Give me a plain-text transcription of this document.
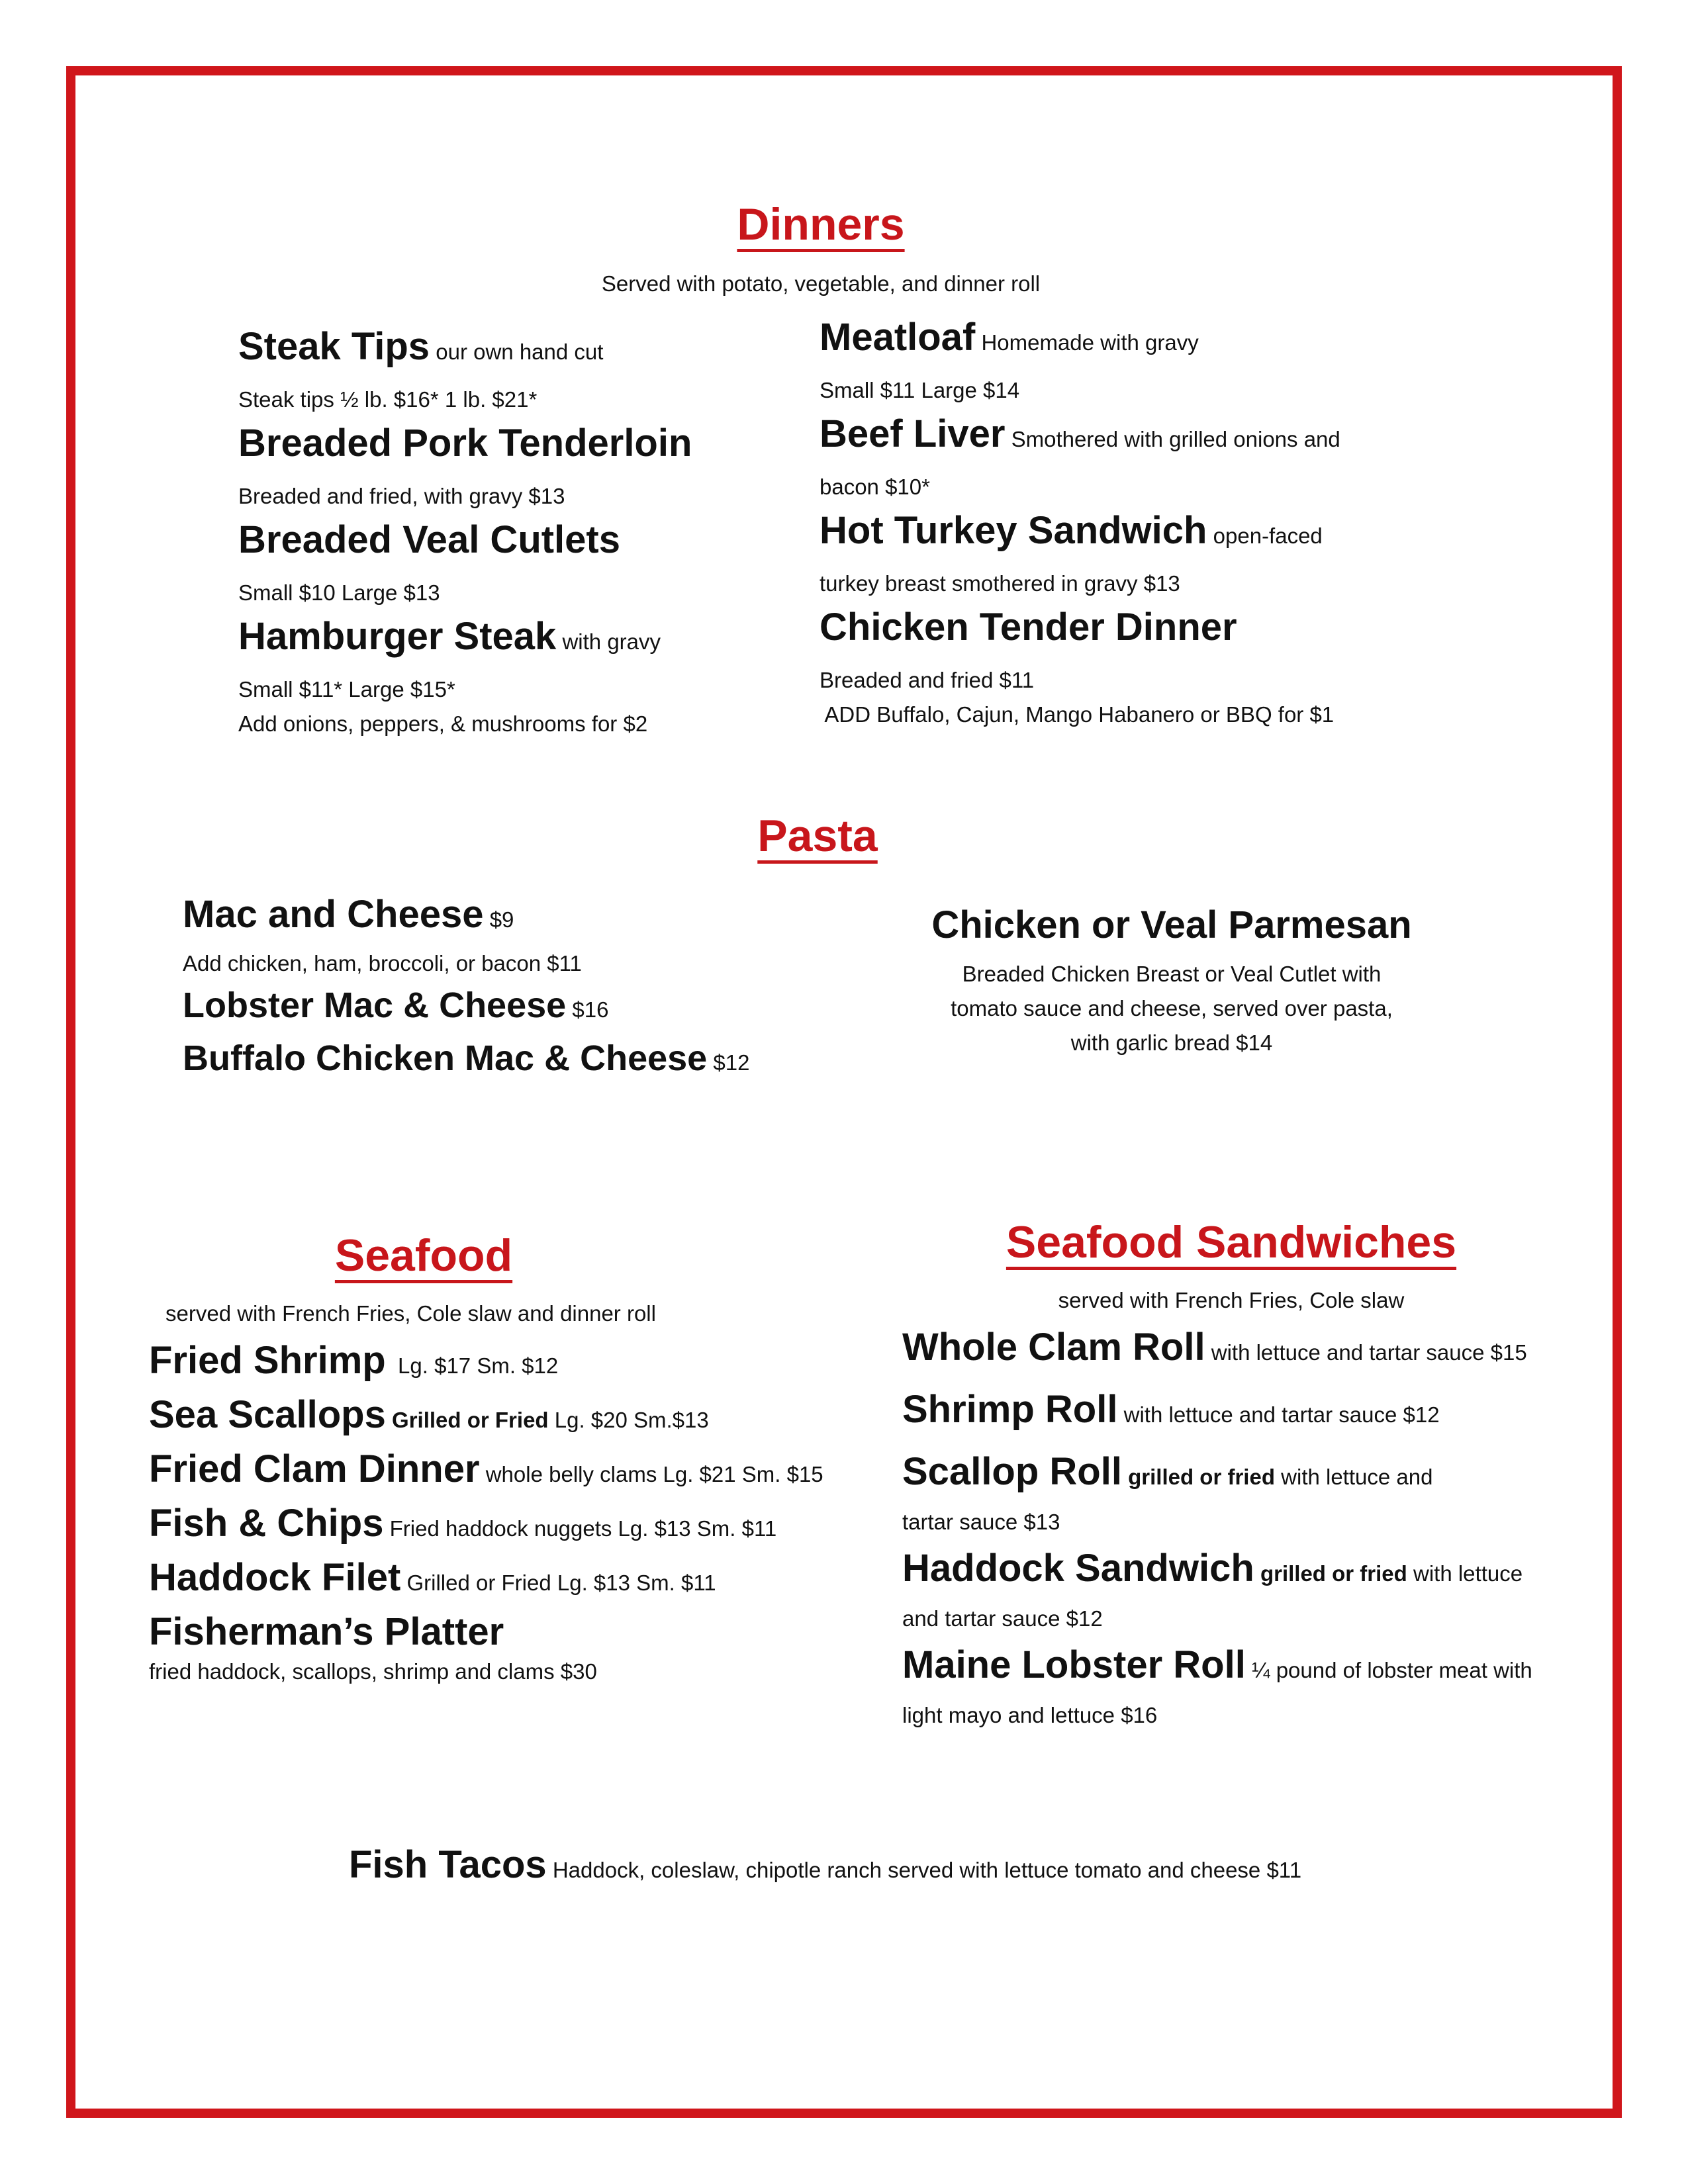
Dinners
Served with potato, vegetable, and dinner roll
Steak Tips our own hand cut
Steak tips ½ lb. $16* 1 lb. $21*
Breaded Pork Tenderloin
Breaded and fried, with gravy $13
Breaded Veal Cutlets
Small $10 Large $13
Hamburger Steak with gravy
Small $11* Large $15*
Add onions, peppers, & mushrooms for $2
Meatloaf Homemade with gravy
Small $11 Large $14
Beef Liver Smothered with grilled onions and
bacon $10*
Hot Turkey Sandwich open-faced
turkey breast smothered in gravy $13
Chicken Tender Dinner
Breaded and fried $11
ADD Buffalo, Cajun, Mango Habanero or BBQ for $1
Pasta
Mac and Cheese $9
Add chicken, ham, broccoli, or bacon $11
Lobster Mac & Cheese $16
Buffalo Chicken Mac & Cheese $12
Chicken or Veal Parmesan
Breaded Chicken Breast or Veal Cutlet with
tomato sauce and cheese, served over pasta,
with garlic bread $14
Seafood
served with French Fries, Cole slaw and dinner roll
Fried Shrimp  Lg. $17 Sm. $12
Sea Scallops Grilled or Fried Lg. $20 Sm.$13
Fried Clam Dinner whole belly clams Lg. $21 Sm. $15
Fish & Chips Fried haddock nuggets Lg. $13 Sm. $11
Haddock Filet Grilled or Fried Lg. $13 Sm. $11
Fisherman’s Platter
fried haddock, scallops, shrimp and clams $30
Seafood Sandwiches
served with French Fries, Cole slaw
Whole Clam Roll with lettuce and tartar sauce $15
Shrimp Roll with lettuce and tartar sauce $12
Scallop Roll grilled or fried with lettuce and
tartar sauce $13
Haddock Sandwich grilled or fried with lettuce
and tartar sauce $12
Maine Lobster Roll ¼ pound of lobster meat with
light mayo and lettuce $16
Fish Tacos Haddock, coleslaw, chipotle ranch served with lettuce tomato and cheese $11
